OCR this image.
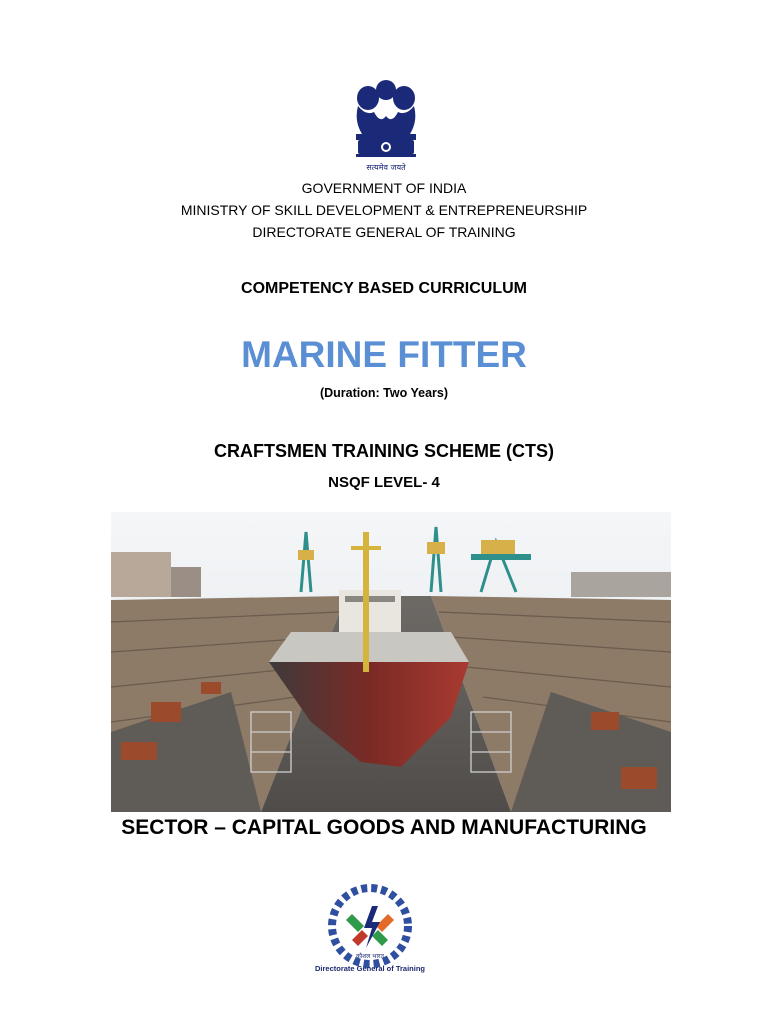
सत्यमेव जयते
GOVERNMENT OF INDIA
MINISTRY OF SKILL DEVELOPMENT & ENTREPRENEURSHIP
DIRECTORATE GENERAL OF TRAINING
COMPETENCY BASED CURRICULUM
MARINE FITTER
(Duration: Two Years)
CRAFTSMEN TRAINING SCHEME (CTS)
NSQF LEVEL- 4
SECTOR – CAPITAL GOODS AND MANUFACTURING
कौशल भारत
Directorate General of Training
